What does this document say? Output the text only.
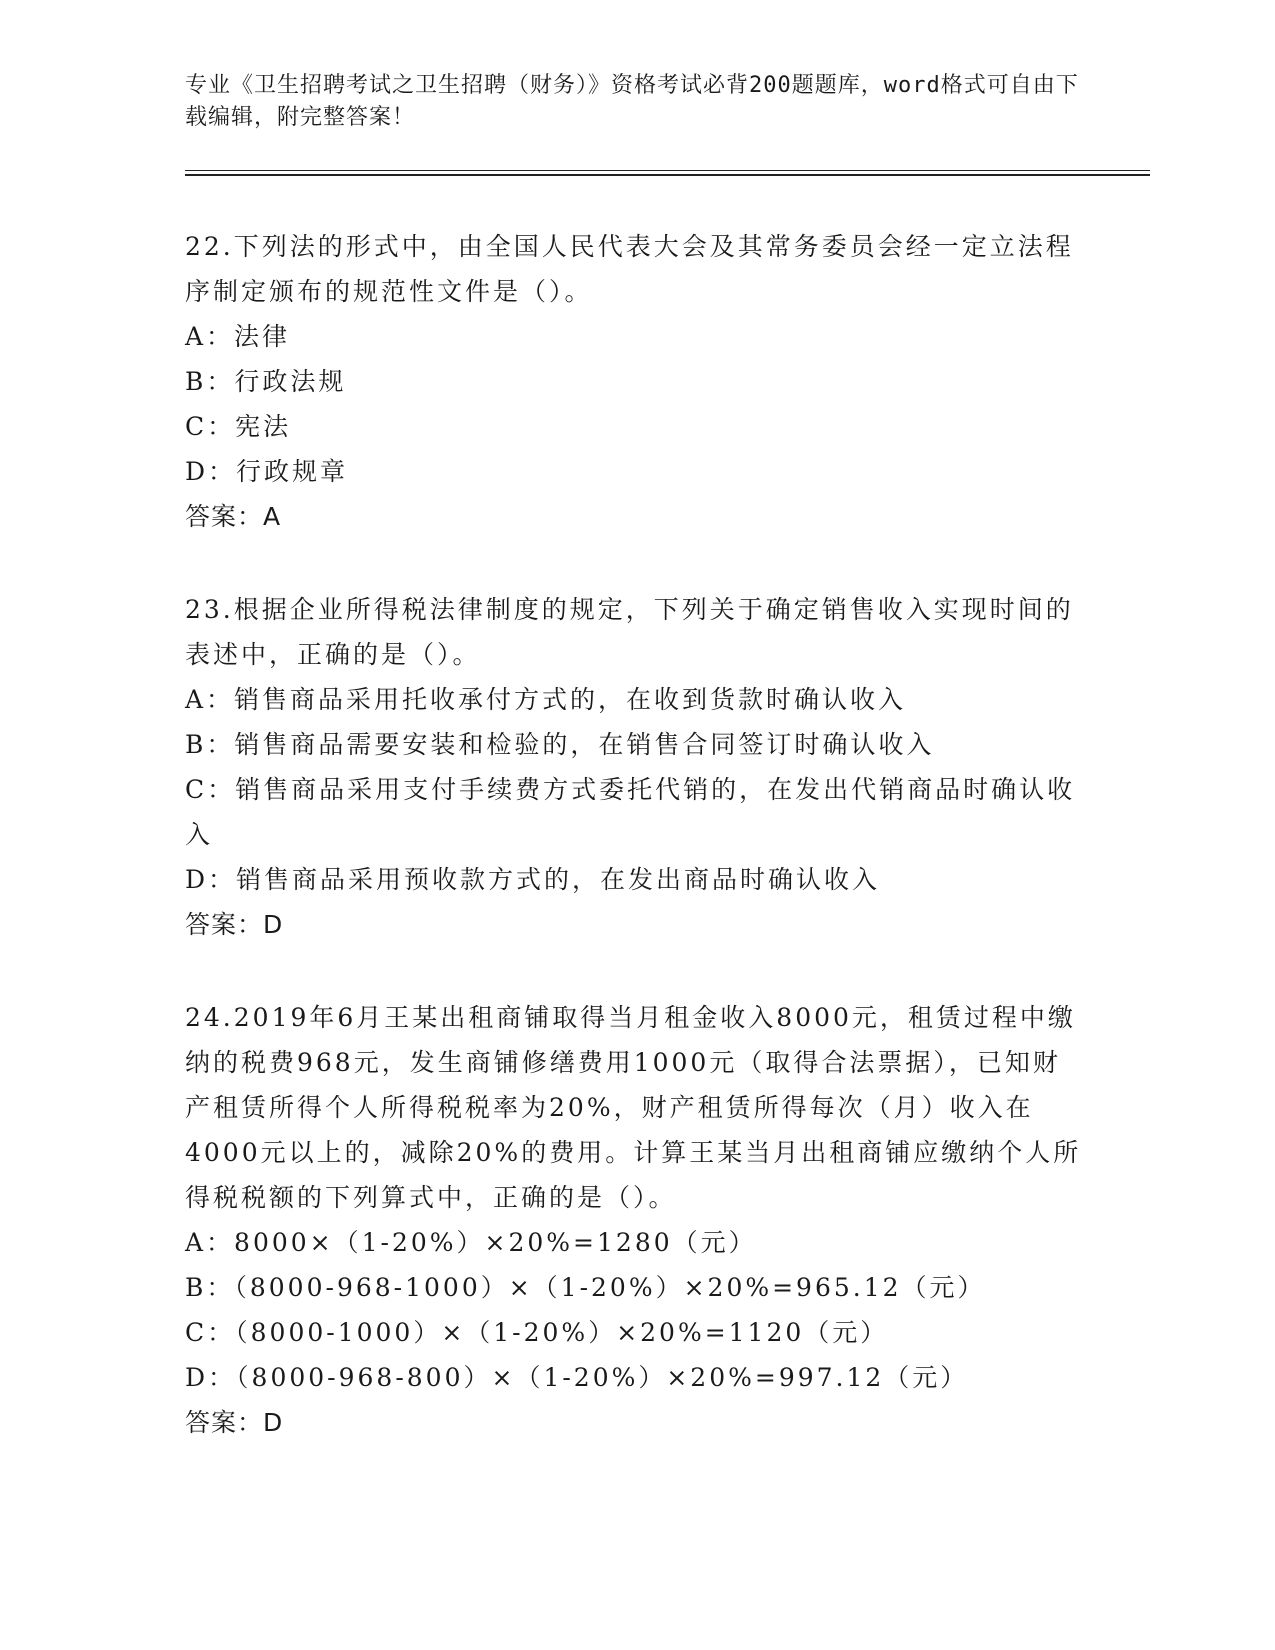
专业《卫生招聘考试之卫生招聘（财务）》资格考试必背200题题库，word格式可自由下载编辑，附完整答案！

22.下列法的形式中，由全国人民代表大会及其常务委员会经一定立法程序制定颁布的规范性文件是（）。

A：法律

B：行政法规

C：宪法

D：行政规章

答案：A

23.根据企业所得税法律制度的规定，下列关于确定销售收入实现时间的表述中，正确的是（）。

A：销售商品采用托收承付方式的，在收到货款时确认收入

B：销售商品需要安装和检验的，在销售合同签订时确认收入

C：销售商品采用支付手续费方式委托代销的，在发出代销商品时确认收入

D：销售商品采用预收款方式的，在发出商品时确认收入

答案：D

24.2019年6月王某出租商铺取得当月租金收入8000元，租赁过程中缴纳的税费968元，发生商铺修缮费用1000元（取得合法票据），已知财产租赁所得个人所得税税率为20%，财产租赁所得每次（月）收入在4000元以上的，减除20%的费用。计算王某当月出租商铺应缴纳个人所得税税额的下列算式中，正确的是（）。

A：8000×（1-20%）×20%=1280（元）

B：（8000-968-1000）×（1-20%）×20%=965.12（元）

C：（8000-1000）×（1-20%）×20%=1120（元）

D：（8000-968-800）×（1-20%）×20%=997.12（元）

答案：D
